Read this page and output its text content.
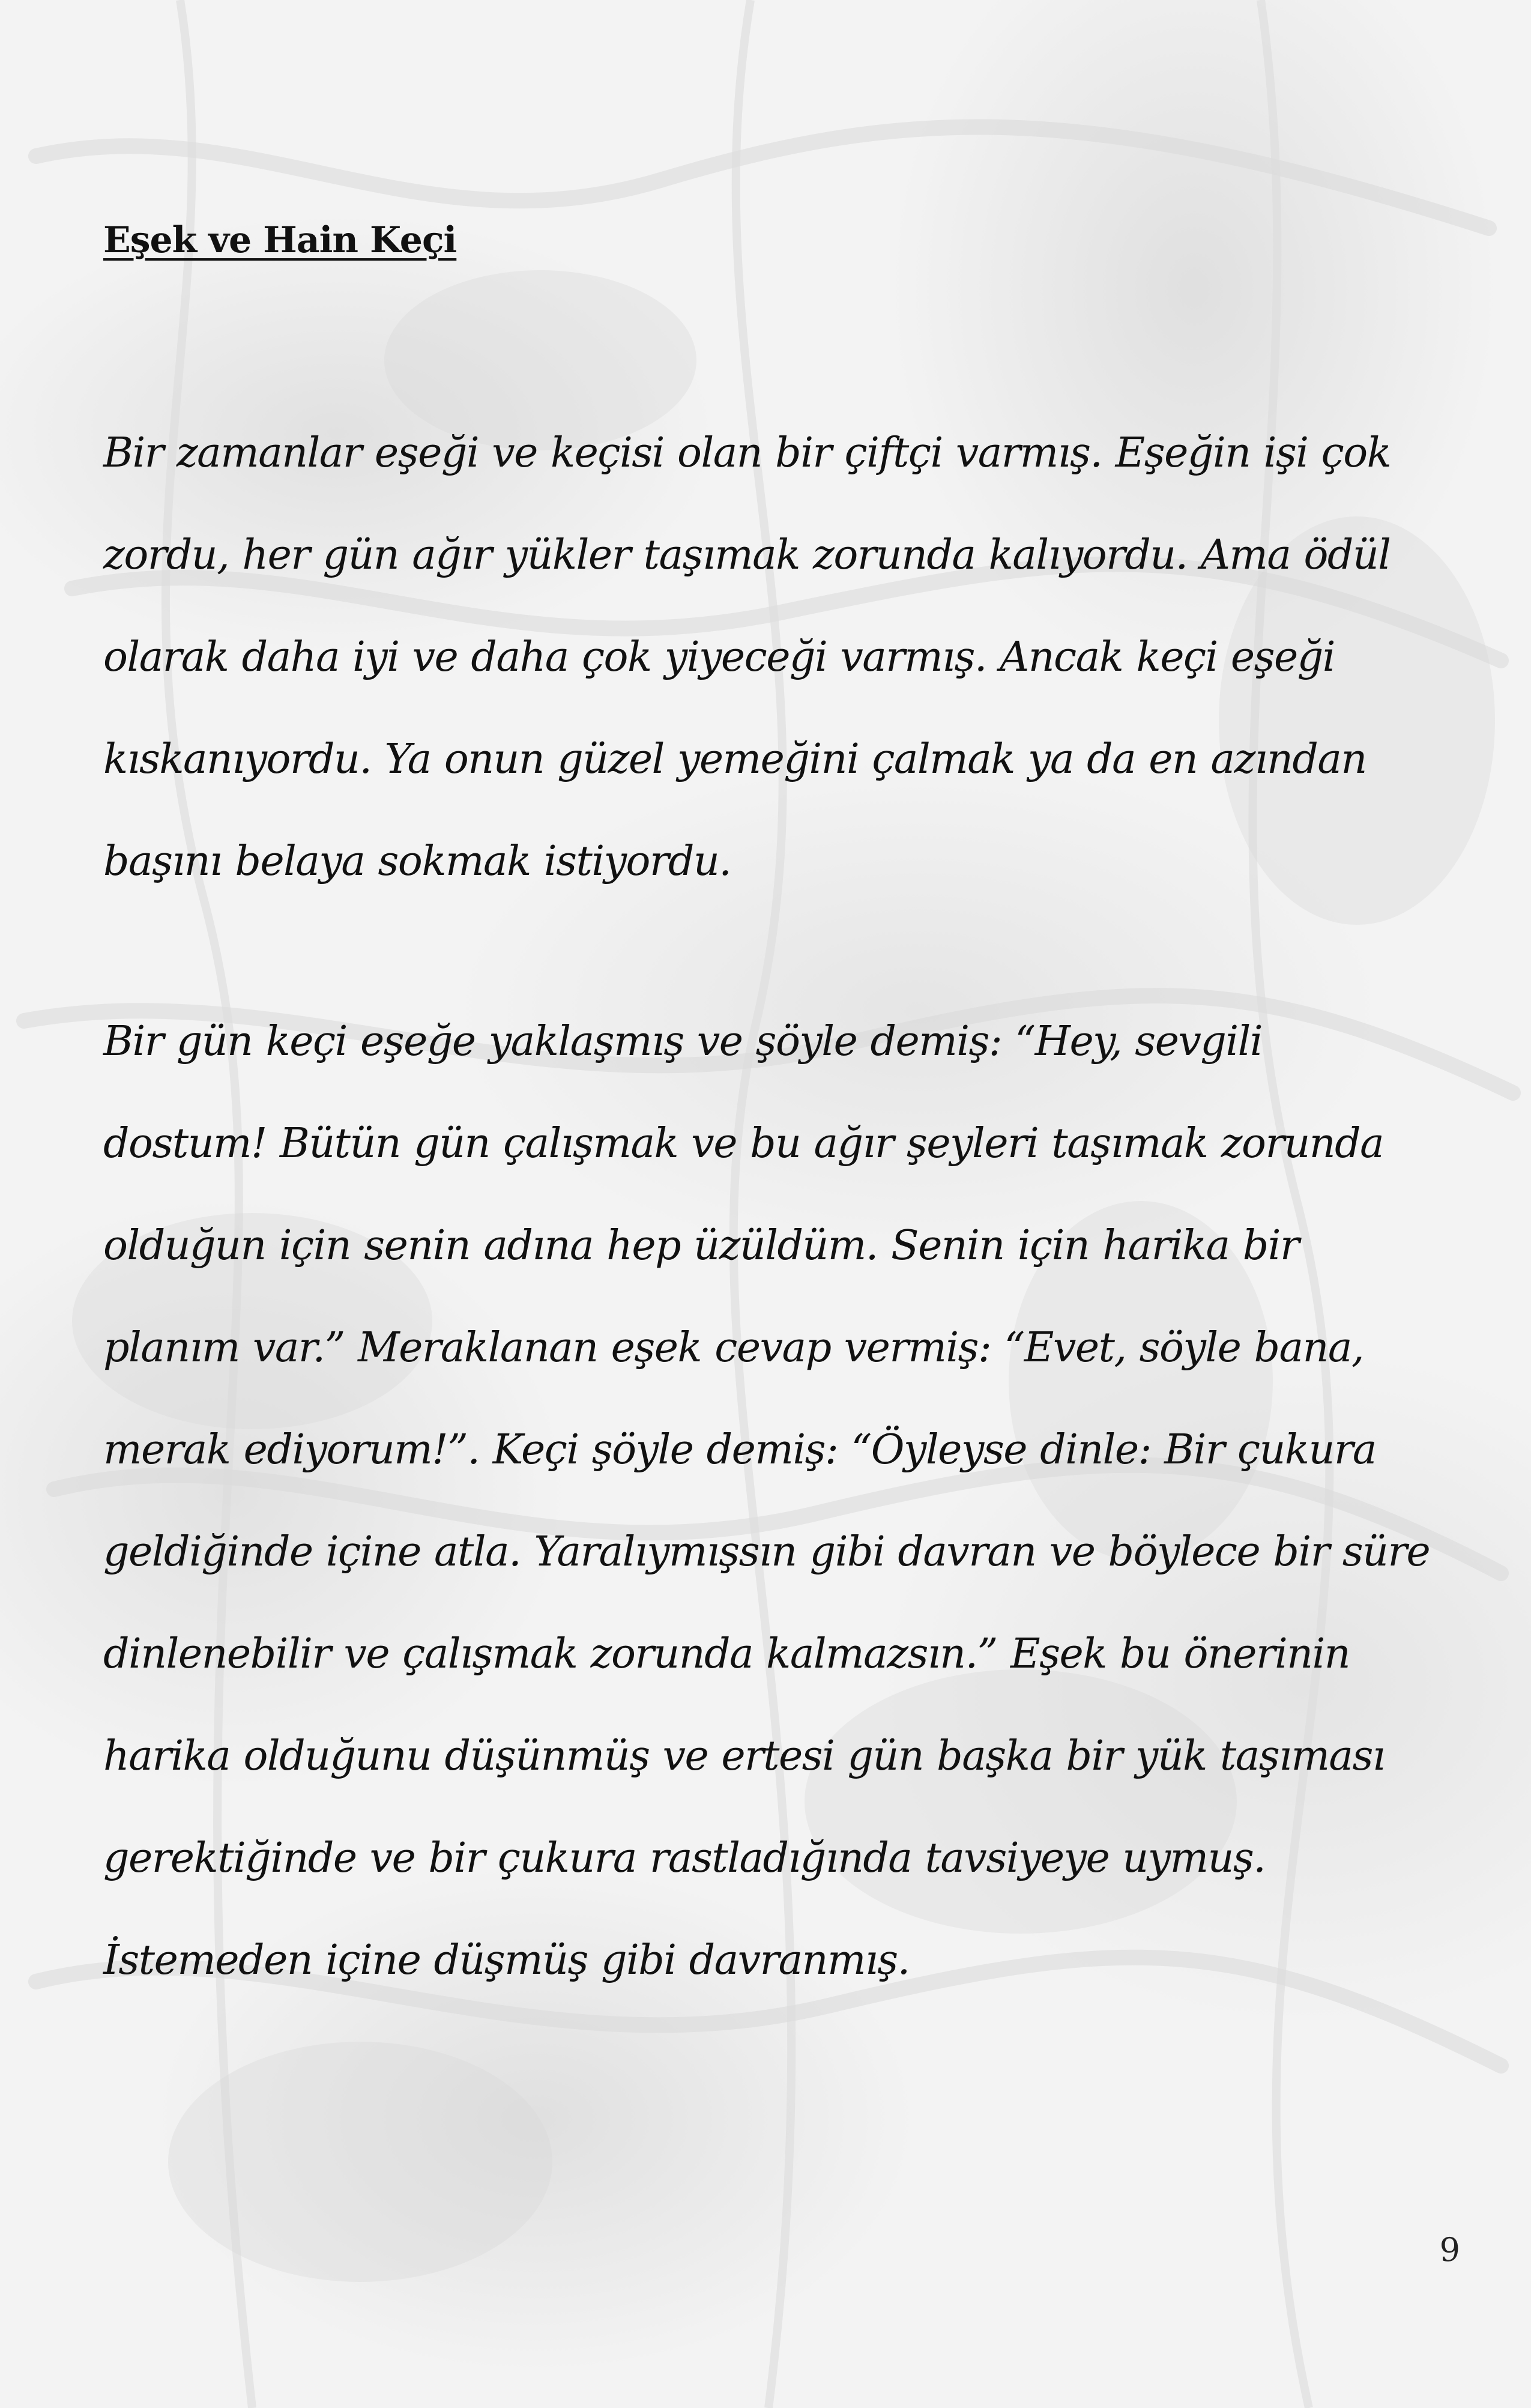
Eşek ve Hain Keçi

Bir zamanlar eşeği ve keçisi olan bir çiftçi varmış. Eşeğin işi çok zordu, her gün ağır yükler taşımak zorunda kalıyordu. Ama ödül olarak daha iyi ve daha çok yiyeceği varmış. Ancak keçi eşeği kıskanıyordu. Ya onun güzel yemeğini çalmak ya da en azından başını belaya sokmak istiyordu.

Bir gün keçi eşeğe yaklaşmış ve şöyle demiş: “Hey, sevgili dostum! Bütün gün çalışmak ve bu ağır şeyleri taşımak zorunda olduğun için senin adına hep üzüldüm. Senin için harika bir planım var.” Meraklanan eşek cevap vermiş: “Evet, söyle bana, merak ediyorum!”. Keçi şöyle demiş: “Öyleyse dinle: Bir çukura geldiğinde içine atla. Yaralıymışsın gibi davran ve böylece bir süre dinlenebilir ve çalışmak zorunda kalmazsın.” Eşek bu önerinin harika olduğunu düşünmüş ve ertesi gün başka bir yük taşıması gerektiğinde ve bir çukura rastladığında tavsiyeye uymuş. İstemeden içine düşmüş gibi davranmış.

9
